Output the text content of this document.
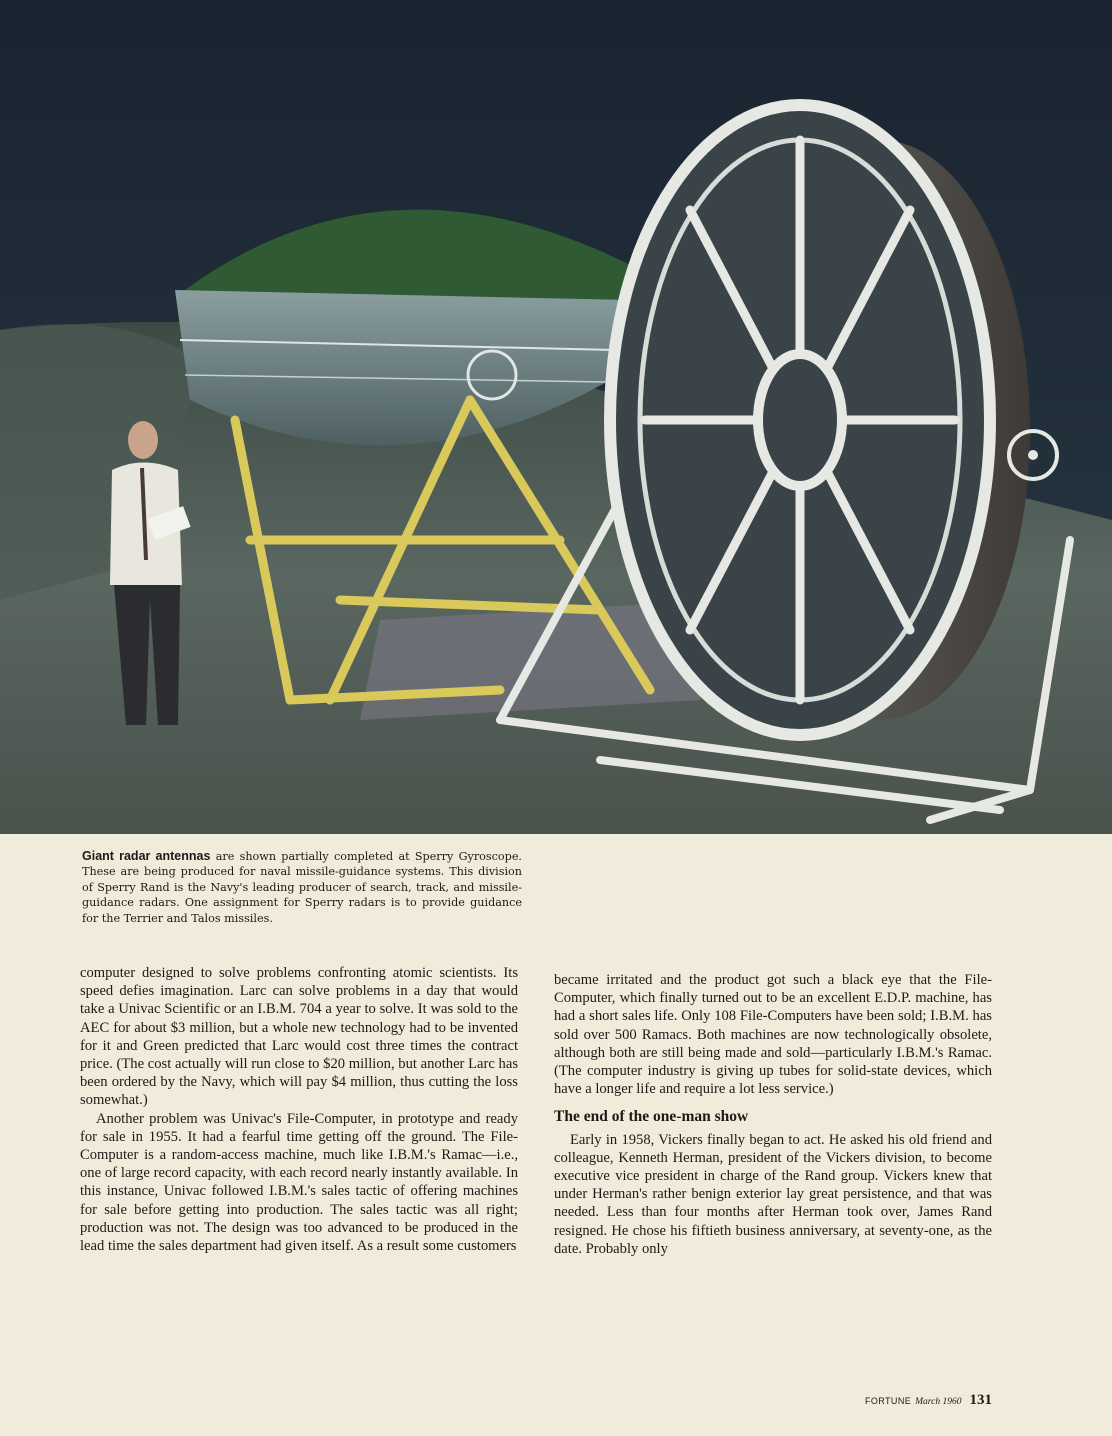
Giant radar antennas are shown partially completed at Sperry Gyroscope. These are being produced for naval missile-guidance systems. This division of Sperry Rand is the Navy's leading producer of search, track, and missile-guidance radars. One assignment for Sperry radars is to provide guidance for the Terrier and Talos missiles.

computer designed to solve problems confronting atomic scientists. Its speed defies imagination. Larc can solve problems in a day that would take a Univac Scientific or an I.B.M. 704 a year to solve. It was sold to the AEC for about $3 million, but a whole new technology had to be invented for it and Green predicted that Larc would cost three times the contract price. (The cost actually will run close to $20 million, but another Larc has been ordered by the Navy, which will pay $4 million, thus cutting the loss somewhat.)

Another problem was Univac's File-Computer, in prototype and ready for sale in 1955. It had a fearful time getting off the ground. The File-Computer is a random-access machine, much like I.B.M.'s Ramac—i.e., one of large record capacity, with each record nearly instantly available. In this instance, Univac followed I.B.M.'s sales tactic of offering machines for sale before getting into production. The sales tactic was all right; production was not. The design was too advanced to be produced in the lead time the sales department had given itself. As a result some customers

became irritated and the product got such a black eye that the File-Computer, which finally turned out to be an excellent E.D.P. machine, has had a short sales life. Only 108 File-Computers have been sold; I.B.M. has sold over 500 Ramacs. Both machines are now technologically obsolete, although both are still being made and sold—particularly I.B.M.'s Ramac. (The computer industry is giving up tubes for solid-state devices, which have a longer life and require a lot less service.)

The end of the one-man show

Early in 1958, Vickers finally began to act. He asked his old friend and colleague, Kenneth Herman, president of the Vickers division, to become executive vice president in charge of the Rand group. Vickers knew that under Herman's rather benign exterior lay great persistence, and that was needed. Less than four months after Herman took over, James Rand resigned. He chose his fiftieth business anniversary, at seventy-one, as the date. Probably only

FORTUNE March 1960 131
